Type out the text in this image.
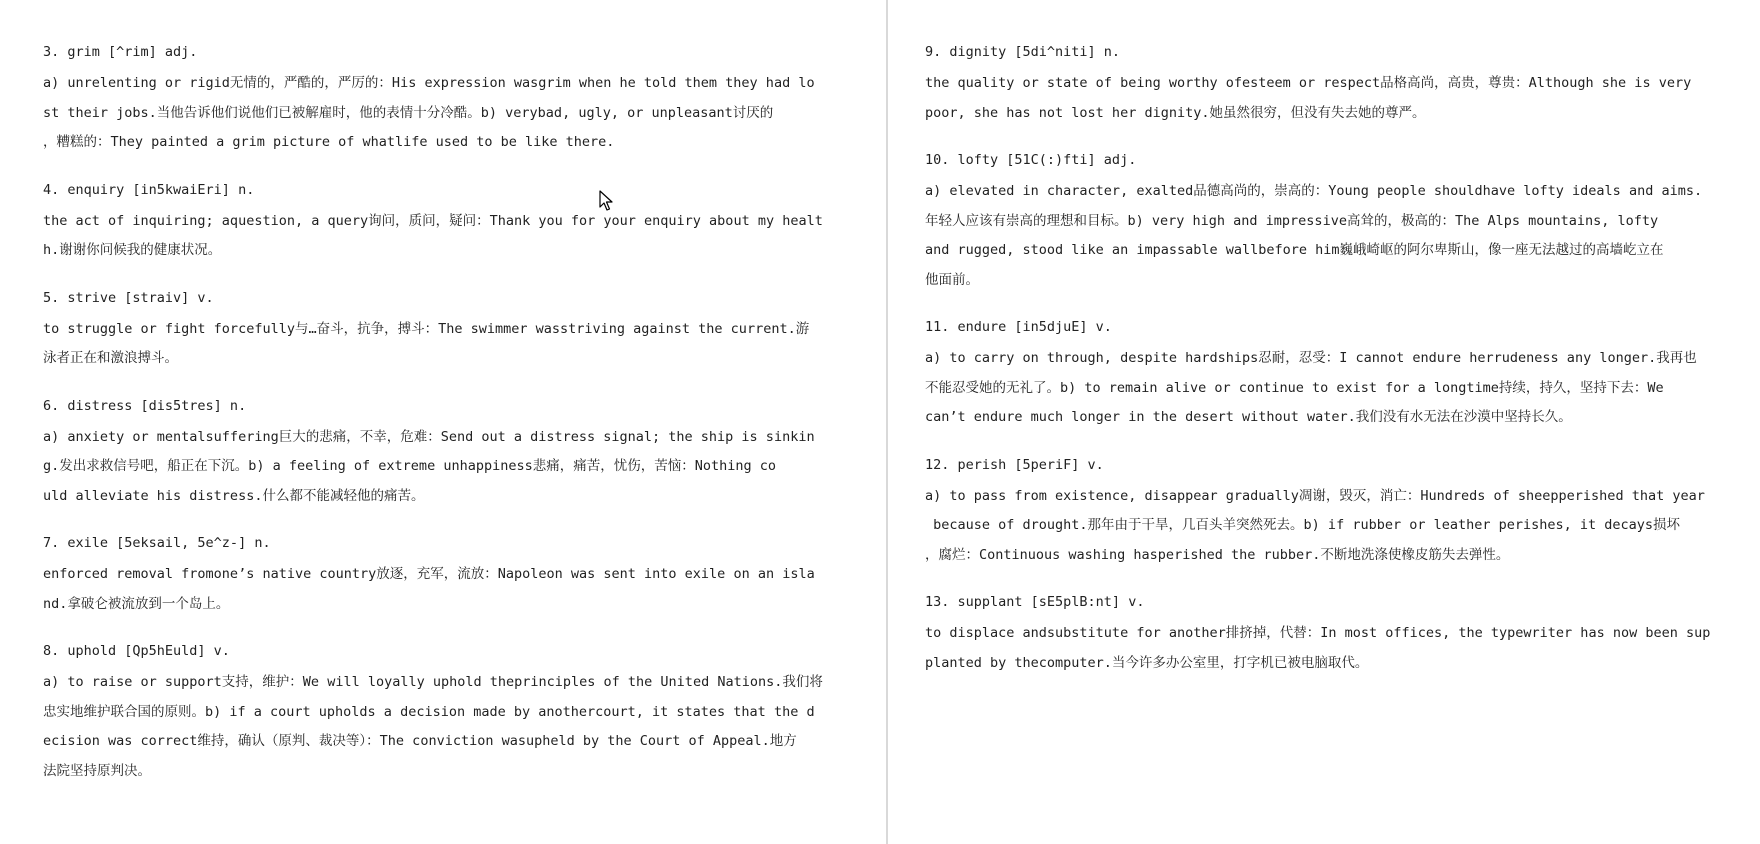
3. grim [^rim] adj.
a) unrelenting or rigid无情的，严酷的，严厉的：His expression wasgrim when he told them they had lo
st their jobs.当他告诉他们说他们已被解雇时，他的表情十分冷酷。b) verybad, ugly, or unpleasant讨厌的
，糟糕的：They painted a grim picture of whatlife used to be like there.
4. enquiry [in5kwaiEri] n.
the act of inquiring; aquestion, a query询问，质问，疑问：Thank you for your enquiry about my healt
h.谢谢你问候我的健康状况。
5. strive [straiv] v.
to struggle or fight forcefully与…奋斗，抗争，搏斗：The swimmer wasstriving against the current.游
泳者正在和激浪搏斗。
6. distress [dis5tres] n.
a) anxiety or mentalsuffering巨大的悲痛，不幸，危难：Send out a distress signal; the ship is sinkin
g.发出求救信号吧，船正在下沉。b) a feeling of extreme unhappiness悲痛，痛苦，忧伤，苦恼：Nothing co
uld alleviate his distress.什么都不能减轻他的痛苦。
7. exile [5eksail, 5e^z-] n.
enforced removal fromone’s native country放逐，充军，流放：Napoleon was sent into exile on an isla
nd.拿破仑被流放到一个岛上。
8. uphold [Qp5hEuld] v.
a) to raise or support支持，维护：We will loyally uphold theprinciples of the United Nations.我们将
忠实地维护联合国的原则。b) if a court upholds a decision made by anothercourt, it states that the d
ecision was correct维持，确认（原判、裁决等）：The conviction wasupheld by the Court of Appeal.地方
法院坚持原判决。
9. dignity [5di^niti] n.
the quality or state of being worthy ofesteem or respect品格高尚，高贵，尊贵：Although she is very
poor, she has not lost her dignity.她虽然很穷，但没有失去她的尊严。
10. lofty [51C(:)fti] adj.
a) elevated in character, exalted品德高尚的，崇高的：Young people shouldhave lofty ideals and aims.
年轻人应该有崇高的理想和目标。b) very high and impressive高耸的，极高的：The Alps mountains, lofty
and rugged, stood like an impassable wallbefore him巍峨崎岖的阿尔卑斯山，像一座无法越过的高墙屹立在
他面前。
11. endure [in5djuE] v.
a) to carry on through, despite hardships忍耐，忍受：I cannot endure herrudeness any longer.我再也
不能忍受她的无礼了。b) to remain alive or continue to exist for a longtime持续，持久，坚持下去：We
can’t endure much longer in the desert without water.我们没有水无法在沙漠中坚持长久。
12. perish [5periF] v.
a) to pass from existence, disappear gradually凋谢，毁灭，消亡：Hundreds of sheepperished that year
because of drought.那年由于干旱，几百头羊突然死去。b) if rubber or leather perishes, it decays损坏
，腐烂：Continuous washing hasperished the rubber.不断地洗涤使橡皮筋失去弹性。
13. supplant [sE5plB:nt] v.
to displace andsubstitute for another排挤掉，代替：In most offices, the typewriter has now been sup
planted by thecomputer.当今许多办公室里，打字机已被电脑取代。
